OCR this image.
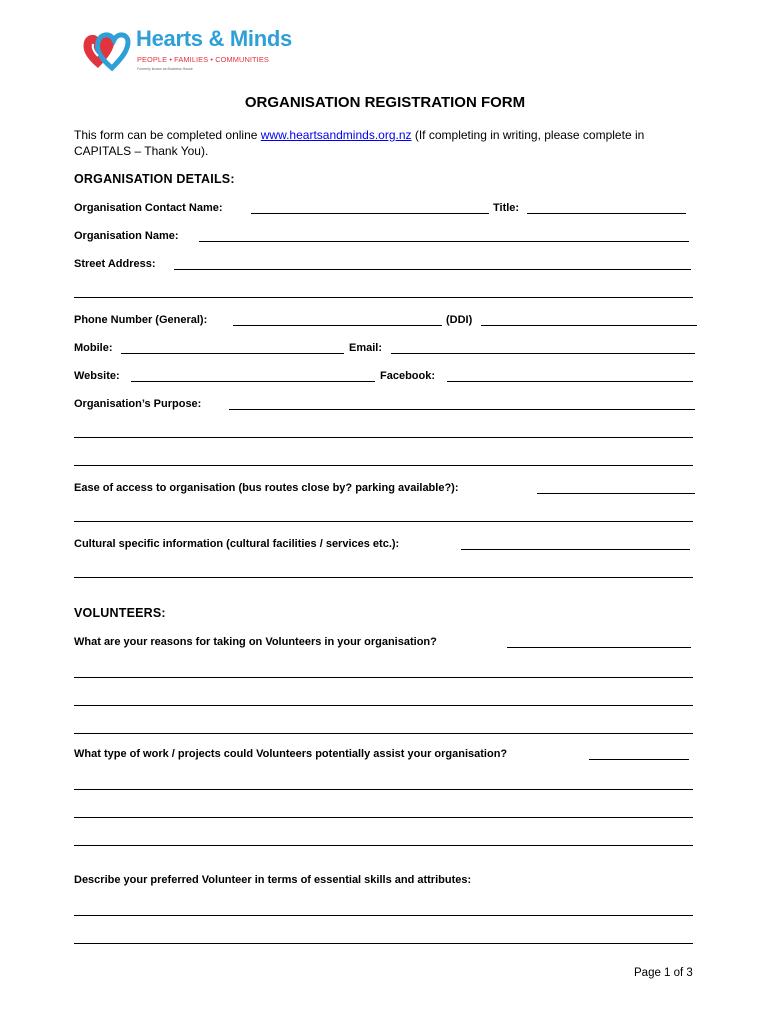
Hearts & Minds
PEOPLE • FAMILIES • COMMUNITIES
Formerly known as Business House
ORGANISATION REGISTRATION FORM
This form can be completed online www.heartsandminds.org.nz (If completing in writing, please complete in CAPITALS – Thank You).
ORGANISATION DETAILS:
Organisation Contact Name:	Title:
Organisation Name:
Street Address:
Phone Number (General):	(DDI)
Mobile:	Email:
Website:	Facebook:
Organisation’s Purpose:
Ease of access to organisation (bus routes close by? parking available?):
Cultural specific information (cultural facilities / services etc.):
VOLUNTEERS:
What are your reasons for taking on Volunteers in your organisation?
What type of work / projects could Volunteers potentially assist your organisation?
Describe your preferred Volunteer in terms of essential skills and attributes:
Page 1 of 3
